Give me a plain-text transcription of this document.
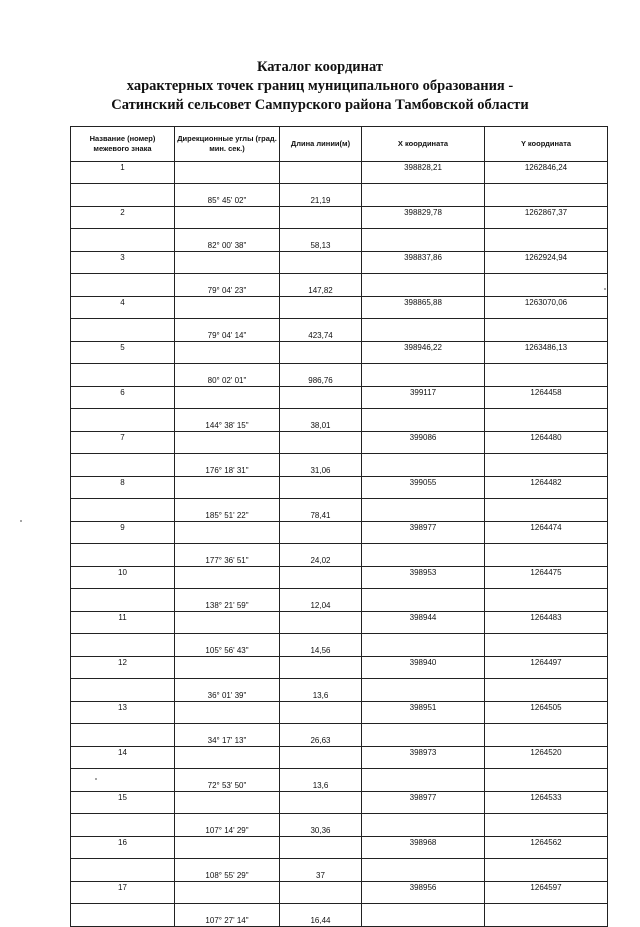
Каталог координат
характерных точек границ муниципального образования -
Сатинский сельсовет Сампурского района Тамбовской области
Название (номер) межевого знака	Дирекционные углы (град. мин. сек.)	Длина линии(м)	X координата	Y координата
1			398828,21	1262846,24
	85° 45' 02"	21,19		
2			398829,78	1262867,37
	82° 00' 38"	58,13		
3			398837,86	1262924,94
	79° 04' 23"	147,82		
4			398865,88	1263070,06
	79° 04' 14"	423,74		
5			398946,22	1263486,13
	80° 02' 01"	986,76		
6			399117	1264458
	144° 38' 15"	38,01		
7			399086	1264480
	176° 18' 31"	31,06		
8			399055	1264482
	185° 51' 22"	78,41		
9			398977	1264474
	177° 36' 51"	24,02		
10			398953	1264475
	138° 21' 59"	12,04		
11			398944	1264483
	105° 56' 43"	14,56		
12			398940	1264497
	36° 01' 39"	13,6		
13			398951	1264505
	34° 17' 13"	26,63		
14			398973	1264520
	72° 53' 50"	13,6		
15			398977	1264533
	107° 14' 29"	30,36		
16			398968	1264562
	108° 55' 29"	37		
17			398956	1264597
	107° 27' 14"	16,44		
